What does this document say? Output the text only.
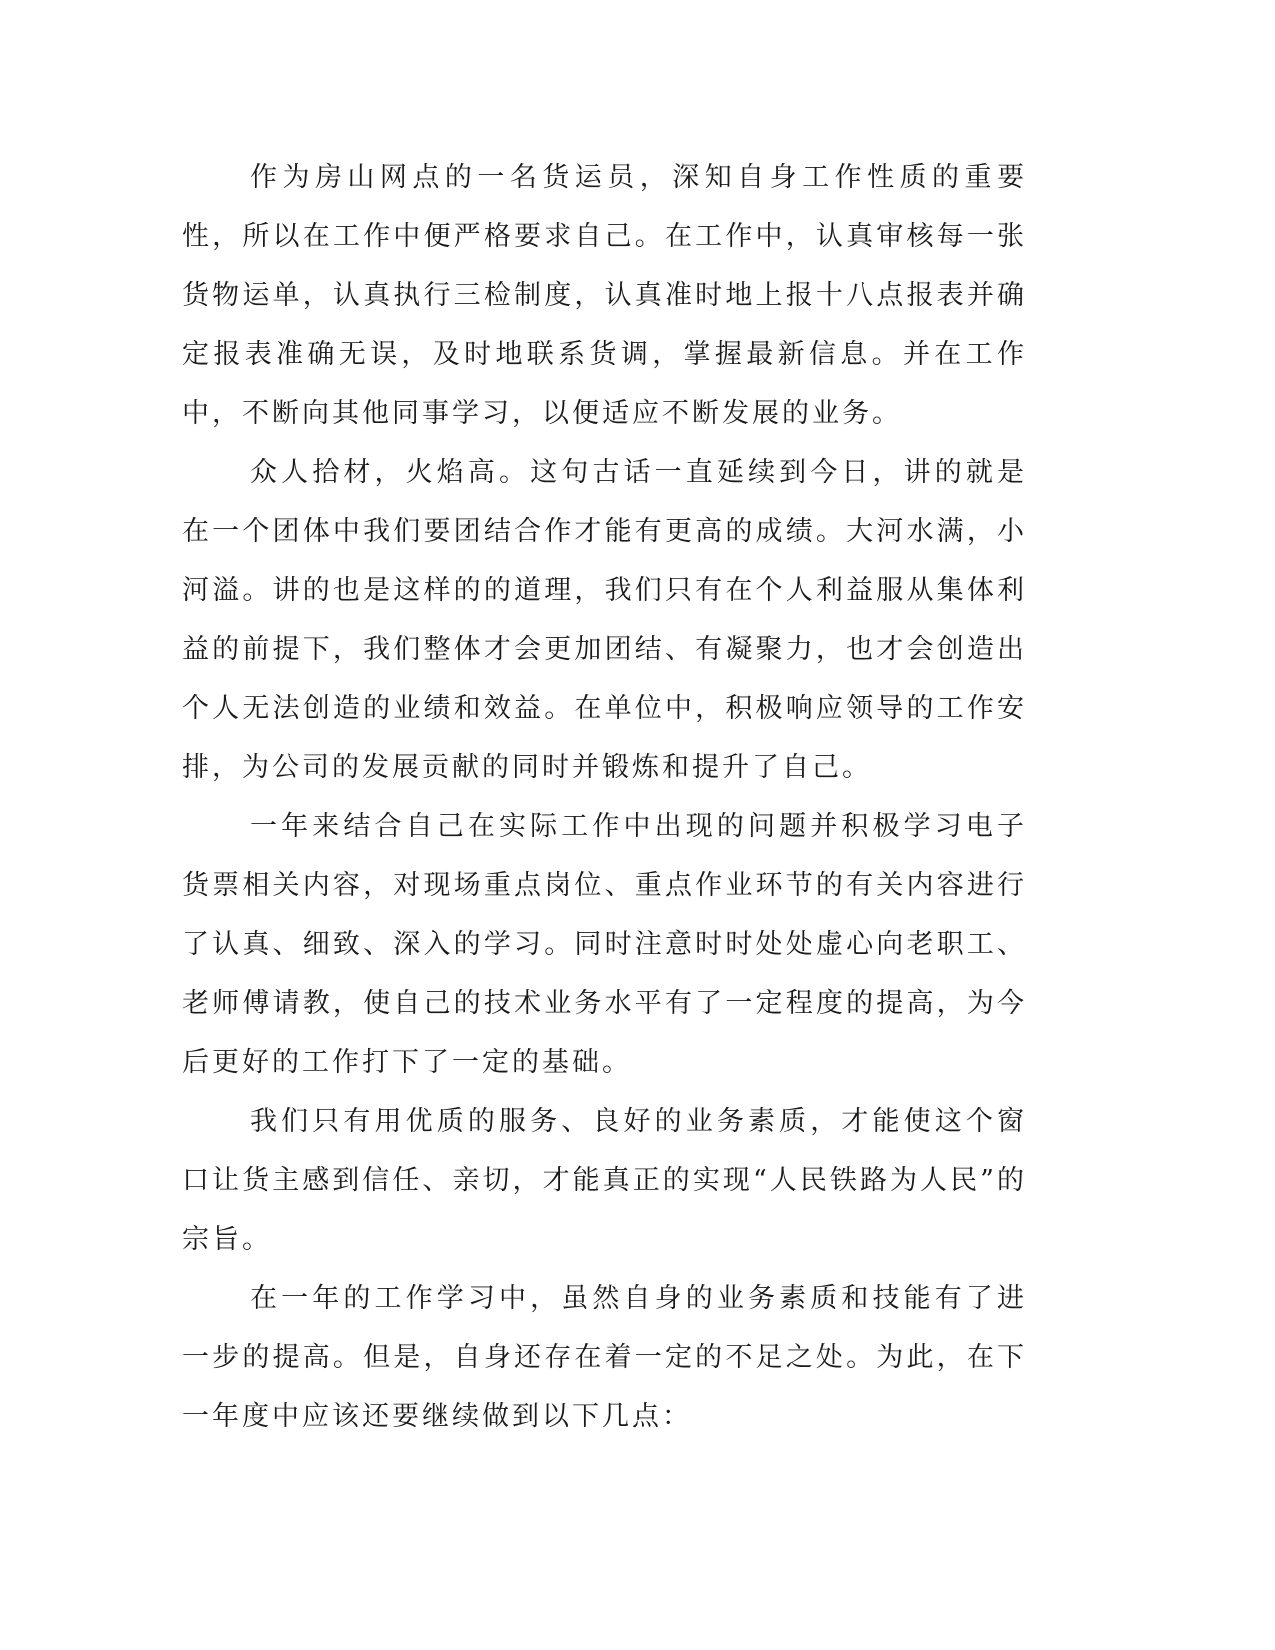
作为房山网点的一名货运员，深知自身工作性质的重要性，所以在工作中便严格要求自己。在工作中，认真审核每一张货物运单，认真执行三检制度，认真准时地上报十八点报表并确定报表准确无误，及时地联系货调，掌握最新信息。并在工作中，不断向其他同事学习，以便适应不断发展的业务。

众人拾材，火焰高。这句古话一直延续到今日，讲的就是在一个团体中我们要团结合作才能有更高的成绩。大河水满，小河溢。讲的也是这样的的道理，我们只有在个人利益服从集体利益的前提下，我们整体才会更加团结、有凝聚力，也才会创造出个人无法创造的业绩和效益。在单位中，积极响应领导的工作安排，为公司的发展贡献的同时并锻炼和提升了自己。

一年来结合自己在实际工作中出现的问题并积极学习电子货票相关内容，对现场重点岗位、重点作业环节的有关内容进行了认真、细致、深入的学习。同时注意时时处处虚心向老职工、老师傅请教，使自己的技术业务水平有了一定程度的提高，为今后更好的工作打下了一定的基础。

我们只有用优质的服务、良好的业务素质，才能使这个窗口让货主感到信任、亲切，才能真正的实现“人民铁路为人民”的宗旨。

在一年的工作学习中，虽然自身的业务素质和技能有了进一步的提高。但是，自身还存在着一定的不足之处。为此，在下一年度中应该还要继续做到以下几点：
